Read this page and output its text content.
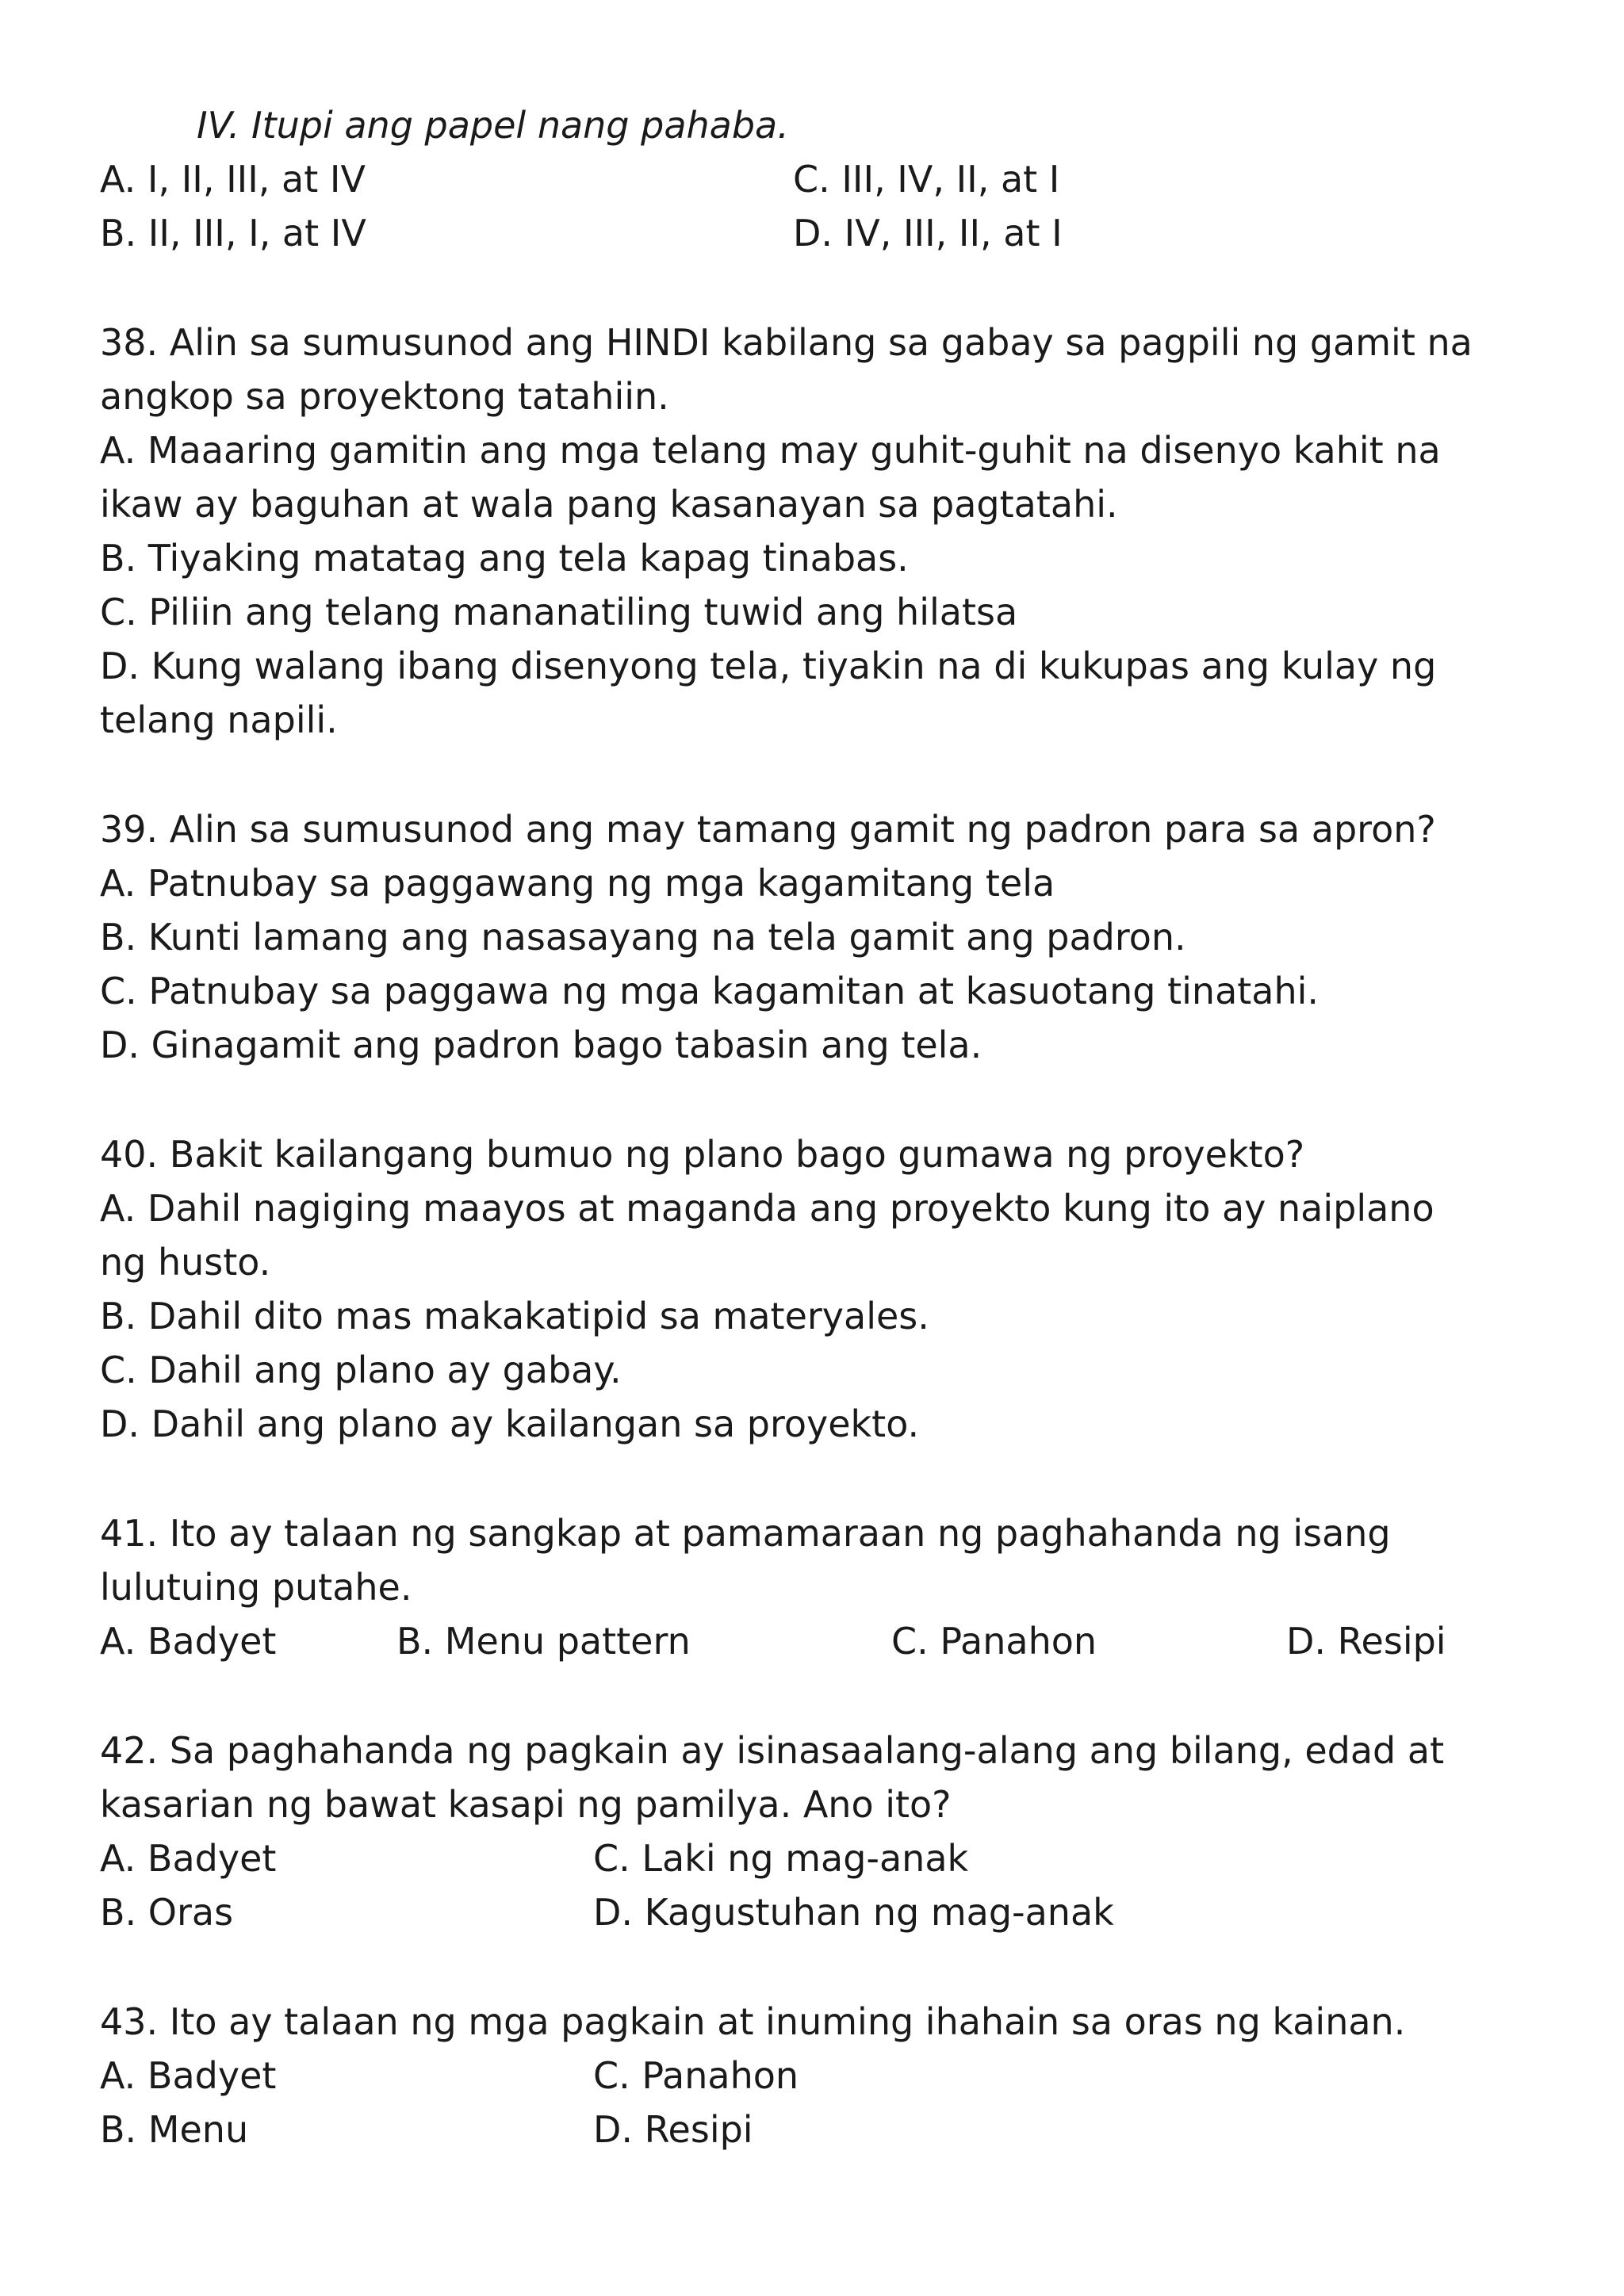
IV. Itupi ang papel nang pahaba.
A. I, II, III, at IV	C. III, IV, II, at I
B. II, III, I, at IV	D. IV, III, II, at I
38. Alin sa sumusunod ang HINDI kabilang sa gabay sa pagpili ng gamit na
angkop sa proyektong tatahiin.
A. Maaaring gamitin ang mga telang may guhit-guhit na disenyo kahit na
ikaw ay baguhan at wala pang kasanayan sa pagtatahi.
B. Tiyaking matatag ang tela kapag tinabas.
C. Piliin ang telang mananatiling tuwid ang hilatsa
D. Kung walang ibang disenyong tela, tiyakin na di kukupas ang kulay ng
telang napili.
39. Alin sa sumusunod ang may tamang gamit ng padron para sa apron?
A. Patnubay sa paggawang ng mga kagamitang tela
B. Kunti lamang ang nasasayang na tela gamit ang padron.
C. Patnubay sa paggawa ng mga kagamitan at kasuotang tinatahi.
D. Ginagamit ang padron bago tabasin ang tela.
40. Bakit kailangang bumuo ng plano bago gumawa ng proyekto?
A. Dahil nagiging maayos at maganda ang proyekto kung ito ay naiplano
ng husto.
B. Dahil dito mas makakatipid sa materyales.
C. Dahil ang plano ay gabay.
D. Dahil ang plano ay kailangan sa proyekto.
41. Ito ay talaan ng sangkap at pamamaraan ng paghahanda ng isang
lulutuing putahe.
A. Badyet	B. Menu pattern	C. Panahon	D. Resipi
42. Sa paghahanda ng pagkain ay isinasaalang-alang ang bilang, edad at
kasarian ng bawat kasapi ng pamilya. Ano ito?
A. Badyet	C. Laki ng mag-anak
B. Oras	D. Kagustuhan ng mag-anak
43. Ito ay talaan ng mga pagkain at inuming ihahain sa oras ng kainan.
A. Badyet	C. Panahon
B. Menu	D. Resipi
